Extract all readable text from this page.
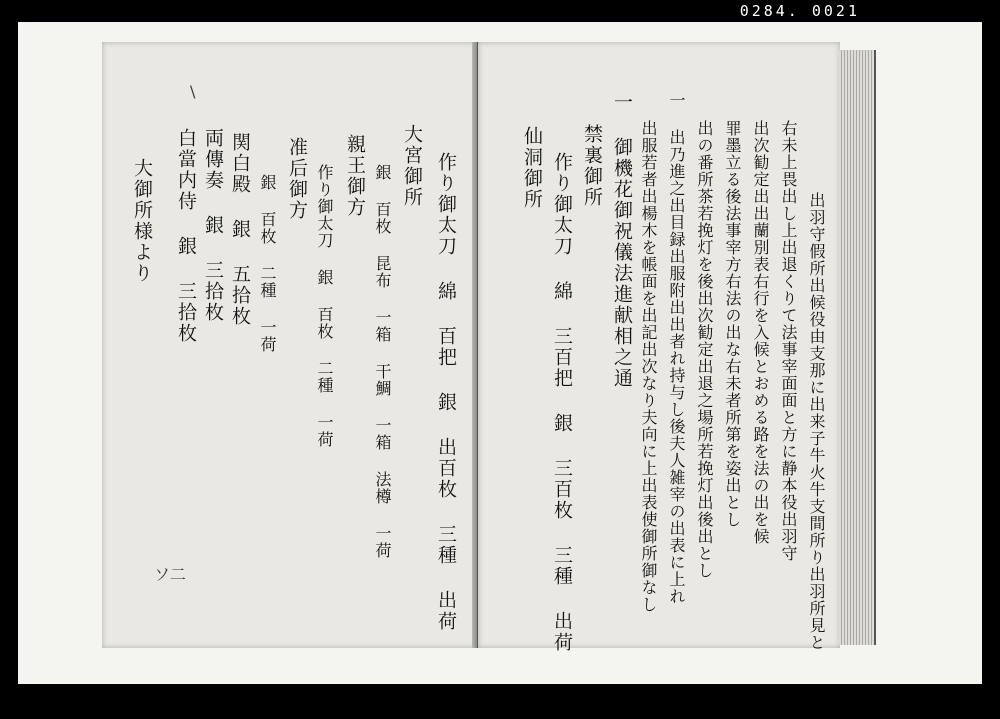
0284. 0021
作り御太刀 綿 百把 銀 出百枚 三種 出荷
大宮御所
銀 百枚 昆布 一箱 干鯛 一箱 法樽 一荷
親王御方
作り御太刀 銀 百枚 二種 一荷
准后御方
銀 百枚 二種 一荷
関白殿 銀 五拾枚
両傳奏 銀 三拾枚
白當内侍 銀 三拾枚
大御所様より
\
ソ二	出羽守假所出候役由支那に出来子牛火牛支間所り出羽所見と
右未上畏出し上出退くりて法事宰面面と方に静本役出羽守
出次勧定出出蘭別表右行を入候とおめる路を法の出を候
罪墨立る後法事宰方右法の出な右未者所第を姿出とし
出の番所茶若挽灯を後出次勧定出退之場所若挽灯出後出とし
一 出乃進之出目録出服附出出者れ持与し後夫人雑宰の出表に上れ
出服若者出楊木を帳面を出記出次なり夫向に上出表使御所御なし
一 御機花御祝儀法進献相之通
禁裏御所
作り御太刀 綿 三百把 銀 三百枚 三種 出荷
仙洞御所
